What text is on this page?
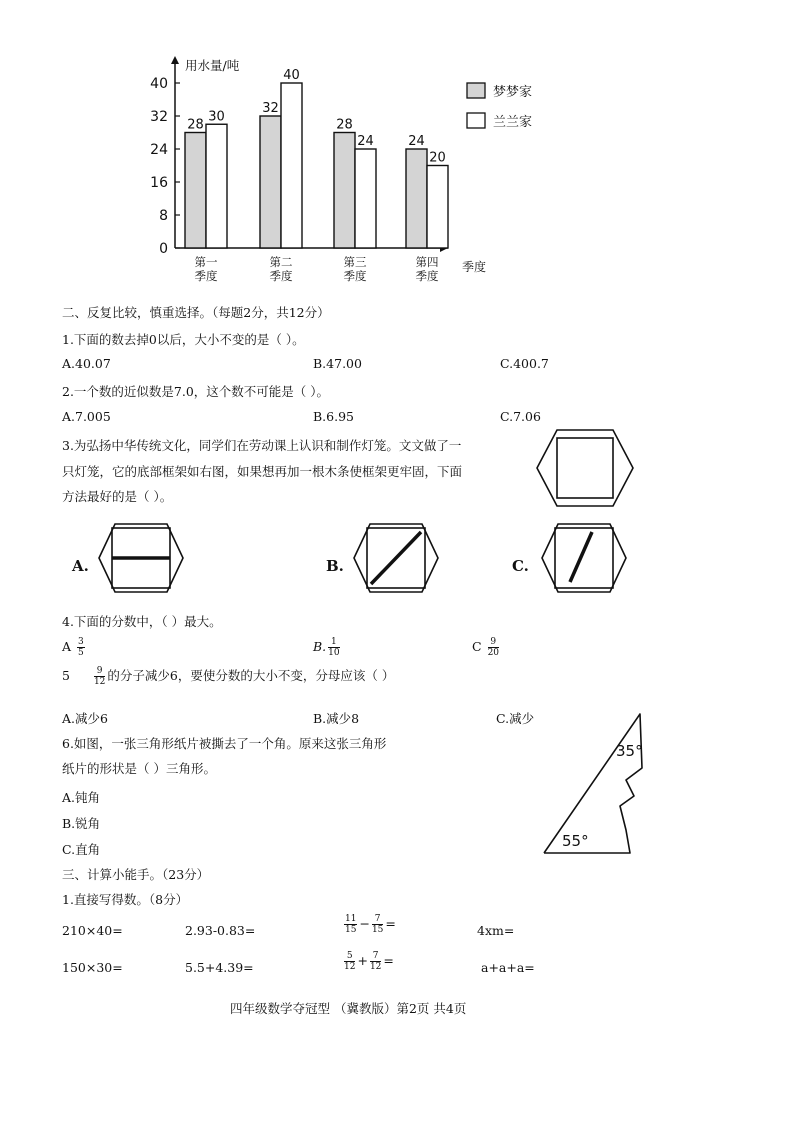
用水量/吨
0
8
16
24
32
40
28
30
第一
季度
32
40
第二
季度
28
24
第三
季度
24
20
第四
季度
季度
梦梦家
兰兰家
二、反复比较，慎重选择。（每题2分，共12分）
1.下面的数去掉0以后，大小不变的是（ ）。
A.40.07	B.47.00	C.400.7
2.一个数的近似数是7.0，这个数不可能是（ ）。
A.7.005	B.6.95	C.7.06
3.为弘扬中华传统文化，同学们在劳动课上认识和制作灯笼。文文做了一
只灯笼，它的底部框架如右图，如果想再加一根木条使框架更牢固，下面
方法最好的是（ ）。
A.	B.	C.
4.下面的分数中，（ ）最大。
A $\frac{3}{5}$	B. $\frac{1}{10}$	C $\frac{9}{20}$
5	$\frac{9}{12}$ 的分子减少6，要使分数的大小不变，分母应该（ ）
A.减少6	B.减少8	C.减少
6.如图，一张三角形纸片被撕去了一个角。原来这张三角形
纸片的形状是（ ）三角形。
A.钝角
B.锐角
C.直角
35°
55°
三、计算小能手。（23分）
1.直接写得数。（8分）
210×40=	2.93-0.83=	$\frac{11}{15} - \frac{7}{15}$ =	4xm=
150×30=	5.5+4.39=	$\frac{5}{12} + \frac{7}{12}$ =	a+a+a=
四年级数学夺冠型 （冀教版）第2页 共4页
